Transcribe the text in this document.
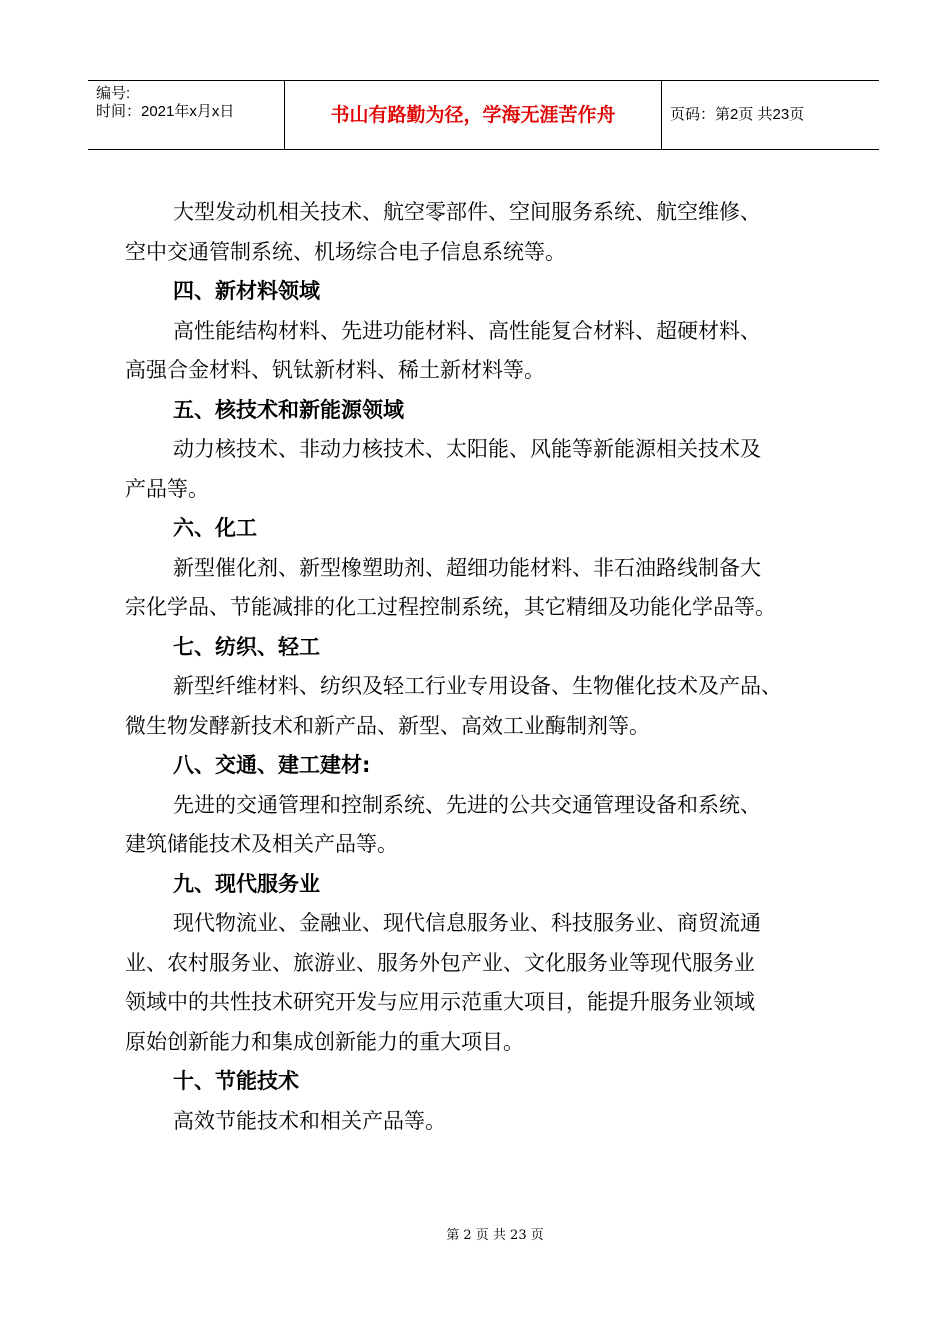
编号:
时间：2021年x月x日	书山有路勤为径，学海无涯苦作舟	页码：第2页 共23页
大型发动机相关技术、航空零部件、空间服务系统、航空维修、
空中交通管制系统、机场综合电子信息系统等。
四、新材料领域
高性能结构材料、先进功能材料、高性能复合材料、超硬材料、
高强合金材料、钒钛新材料、稀土新材料等。
五、核技术和新能源领域
动力核技术、非动力核技术、太阳能、风能等新能源相关技术及
产品等。
六、化工
新型催化剂、新型橡塑助剂、超细功能材料、非石油路线制备大
宗化学品、节能减排的化工过程控制系统，其它精细及功能化学品等。
七、纺织、轻工
新型纤维材料、纺织及轻工行业专用设备、生物催化技术及产品、
微生物发酵新技术和新产品、新型、高效工业酶制剂等。
八、交通、建工建材:
先进的交通管理和控制系统、先进的公共交通管理设备和系统、
建筑储能技术及相关产品等。
九、现代服务业
现代物流业、金融业、现代信息服务业、科技服务业、商贸流通
业、农村服务业、旅游业、服务外包产业、文化服务业等现代服务业
领域中的共性技术研究开发与应用示范重大项目，能提升服务业领域
原始创新能力和集成创新能力的重大项目。
十、节能技术
高效节能技术和相关产品等。
第 2 页 共 23 页
